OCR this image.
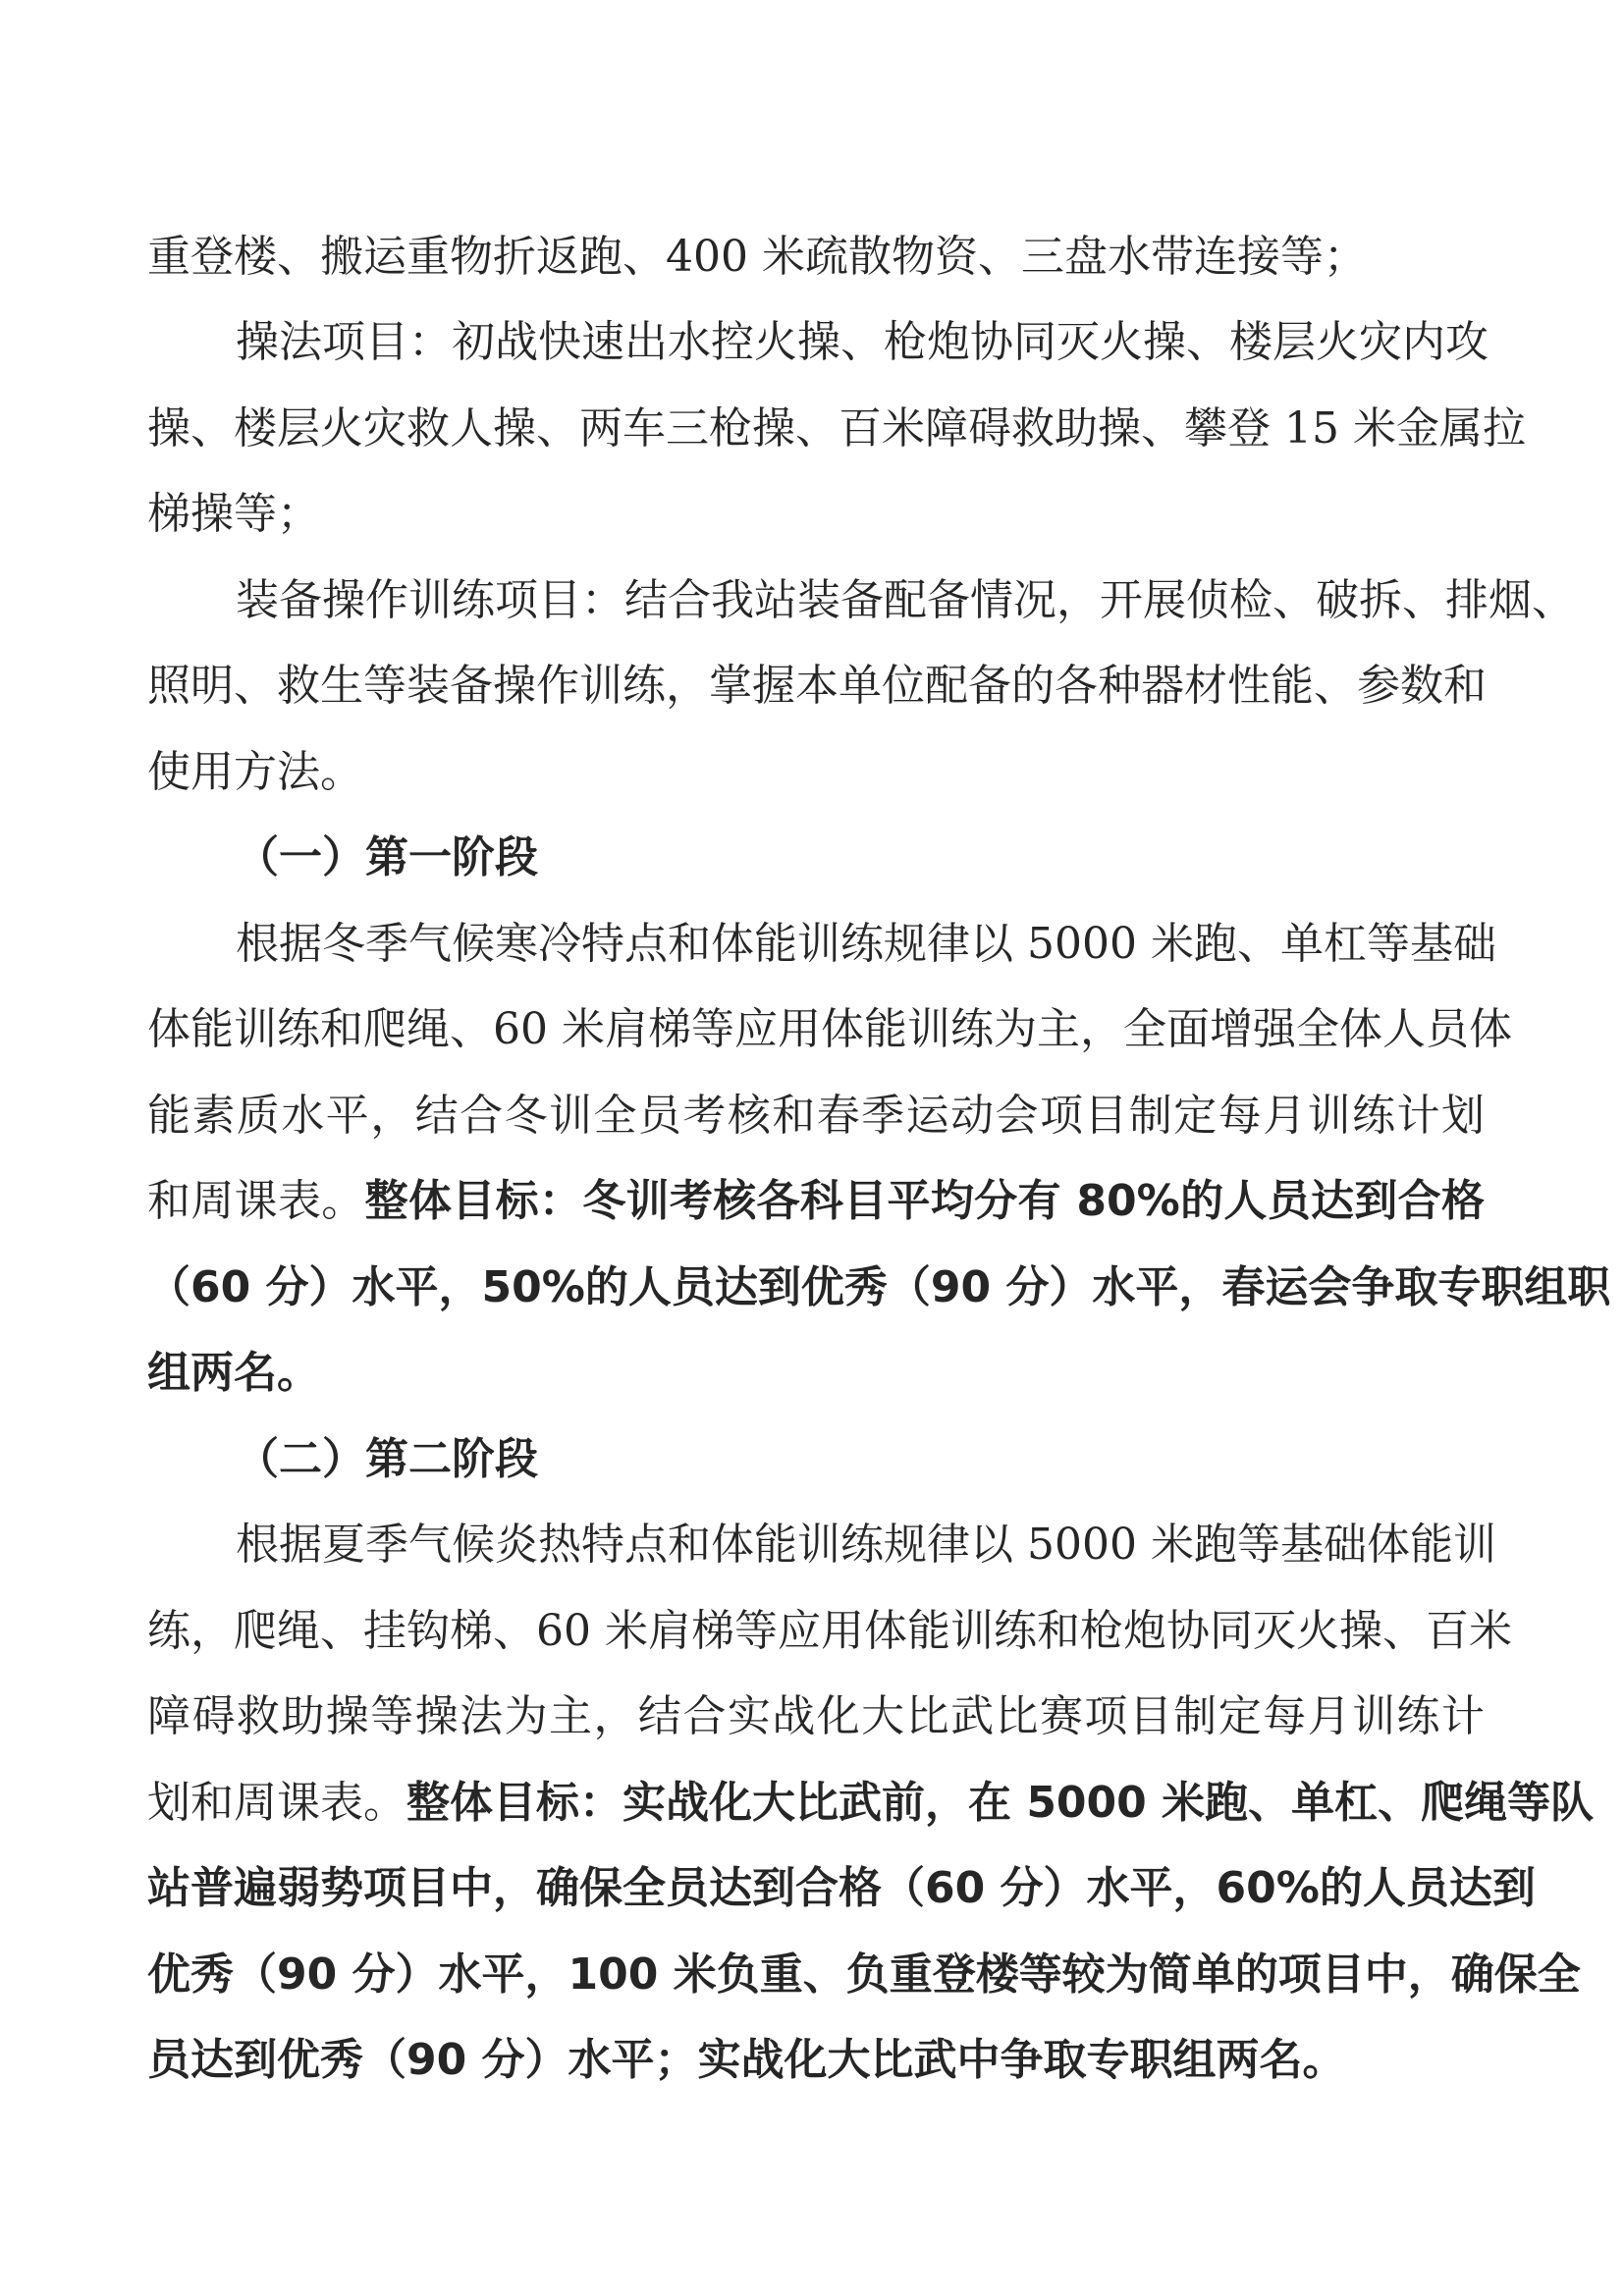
重登楼、搬运重物折返跑、400 米疏散物资、三盘水带连接等；
操法项目：初战快速出水控火操、枪炮协同灭火操、楼层火灾内攻
操、楼层火灾救人操、两车三枪操、百米障碍救助操、攀登 15 米金属拉
梯操等；
装备操作训练项目：结合我站装备配备情况，开展侦检、破拆、排烟、
照明、救生等装备操作训练，掌握本单位配备的各种器材性能、参数和
使用方法。
（一）第一阶段
根据冬季气候寒冷特点和体能训练规律以 5000 米跑、单杠等基础
体能训练和爬绳、60 米肩梯等应用体能训练为主，全面增强全体人员体
能素质水平，结合冬训全员考核和春季运动会项目制定每月训练计划
和周课表。整体目标：冬训考核各科目平均分有 80%的人员达到合格
（60 分）水平，50%的人员达到优秀（90 分）水平，春运会争取专职组职
组两名。
（二）第二阶段
根据夏季气候炎热特点和体能训练规律以 5000 米跑等基础体能训
练，爬绳、挂钩梯、60 米肩梯等应用体能训练和枪炮协同灭火操、百米
障碍救助操等操法为主，结合实战化大比武比赛项目制定每月训练计
划和周课表。整体目标：实战化大比武前，在 5000 米跑、单杠、爬绳等队
站普遍弱势项目中，确保全员达到合格（60 分）水平，60%的人员达到
优秀（90 分）水平，100 米负重、负重登楼等较为简单的项目中，确保全
员达到优秀（90 分）水平；实战化大比武中争取专职组两名。
